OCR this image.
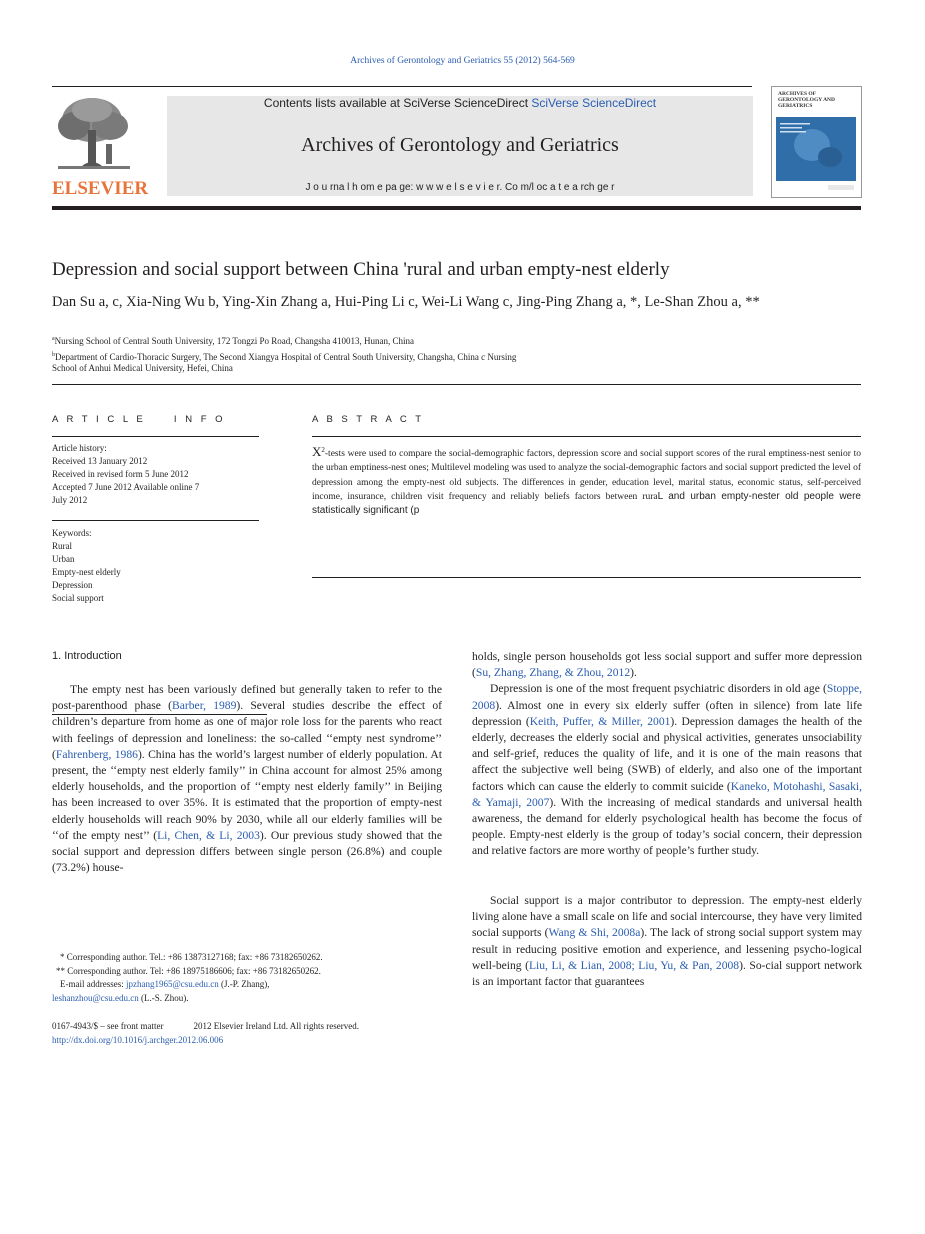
Archives of Gerontology and Geriatrics 55 (2012) 564-569
ELSEVIER
Contents lists available at SciVerse ScienceDirect SciVerse ScienceDirect
Archives of Gerontology and Geriatrics
J o u rna l h om e pa ge: w w w e l s e v i e r. Co m/l oc a t e a rch ge r
ARCHIVES OF GERONTOLOGY AND GERIATRICS
Depression and social support between China 'rural and urban empty-nest elderly
Dan Su a, c, Xia-Ning Wu b, Ying-Xin Zhang a, Hui-Ping Li c, Wei-Li Wang c, Jing-Ping Zhang a, *, Le-Shan Zhou a, **
$^a$Nursing School of Central South University, 172 Tongzi Po Road, Changsha 410013, Hunan, China
$^b$Department of Cardio-Thoracic Surgery, The Second Xiangya Hospital of Central South University, Changsha, China c Nursing
School of Anhui Medical University, Hefei, China
A R T I C L E     I N F O
Article history:
Received 13 January 2012
Received in revised form 5 June 2012
Accepted 7 June 2012 Available online 7
July 2012
Keywords:
Rural
Urban
Empty-nest elderly
Depression
Social support
A B S T R A C T
$X^2$-tests were used to compare the social-demographic factors, depression score and social support scores of the rural emptiness-nest senior to the urban emptiness-nest ones; Multilevel modeling was used to analyze the social-demographic factors and social support predicted the level of depression among the empty-nest old subjects. The differences in gender, education level, marital status, economic status, self-perceived income, insurance, children visit frequency and reliably beliefs factors between ruraL and urban empty-nester old people were statistically significant (p
1. Introduction

The empty nest has been variously defined but generally taken to refer to the post-parenthood phase (Barber, 1989). Several studies describe the effect of children’s departure from home as one of major role loss for the parents who react with feelings of depression and loneliness: the so-called ‘‘empty nest syndrome’’ (Fahrenberg, 1986). China has the world’s largest number of elderly population. At present, the ‘‘empty nest elderly family’’ in China account for almost 25% among elderly households, and the proportion of ‘‘empty nest elderly family’’ in Beijing has been increased to over 35%. It is estimated that the proportion of empty-nest elderly households will reach 90% by 2030, while all our elderly families will be ‘‘of the empty nest’’ (Li, Chen, & Li, 2003). Our previous study showed that the social support and depression differs between single person (26.8%) and couple (73.2%) house-

holds, single person households got less social support and suffer more depression (Su, Zhang, Zhang, & Zhou, 2012).

Depression is one of the most frequent psychiatric disorders in old age (Stoppe, 2008). Almost one in every six elderly suffer (often in silence) from late life depression (Keith, Puffer, & Miller, 2001). Depression damages the health of the elderly, decreases the elderly social and physical activities, generates unsociability and self-grief, reduces the quality of life, and it is one of the main reasons that affect the subjective well being (SWB) of elderly, and also one of the important factors which can cause the elderly to commit suicide (Kaneko, Motohashi, Sasaki, & Yamaji, 2007). With the increasing of medical standards and universal health awareness, the demand for elderly psychological health has become the focus of people. Empty-nest elderly is the group of today’s social concern, their depression and relative factors are more worthy of people’s further study.

Social support is a major contributor to depression. The empty-nest elderly living alone have a small scale on life and social intercourse, they have very limited social supports (Wang & Shi, 2008a). The lack of strong social support system may result in reducing positive emotion and experience, and lessening psycho-logical well-being (Liu, Li, & Lian, 2008; Liu, Yu, & Pan, 2008). So-cial support network is an important factor that guarantees

* Corresponding author. Tel.: +86 13873127168; fax: +86 73182650262.
** Corresponding author. Tel: +86 18975186606; fax: +86 73182650262.
E-mail addresses: jpzhang1965@csu.edu.cn (J.-P. Zhang),
leshanzhou@csu.edu.cn (L.-S. Zhou).
0167-4943/$ – see front matter	2012 Elsevier Ireland Ltd. All rights reserved.
http://dx.doi.org/10.1016/j.archger.2012.06.006
